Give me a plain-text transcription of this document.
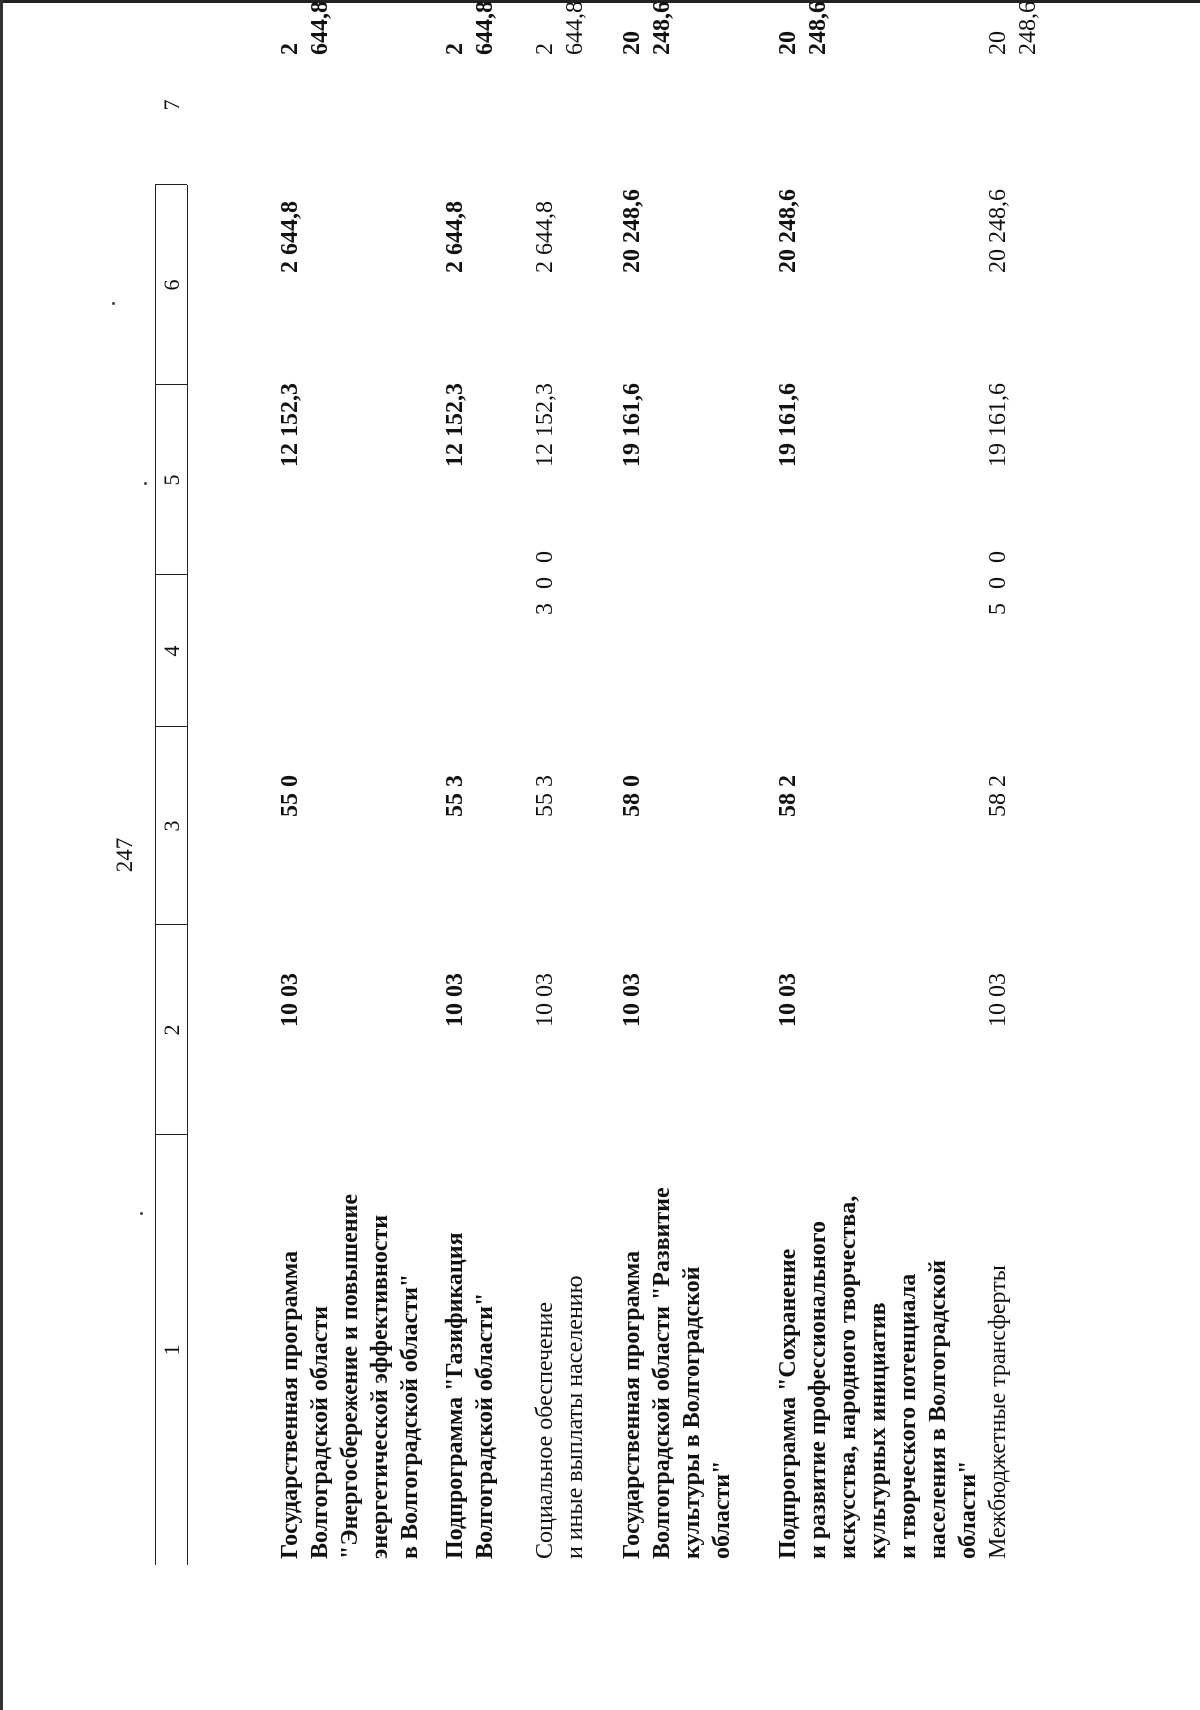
247
1
2
3
4
5
6
7
Государственная программа Волгоградской области "Энергосбережение и повышение энергетической эффективности в Волгоградской области"
10 03
55 0
12 152,3
2 644,8
2 644,8
Подпрограмма "Газификация Волгоградской области"
10 03
55 3
12 152,3
2 644,8
2 644,8
Социальное обеспечение и иные выплаты населению
10 03
55 3
3 0 0
12 152,3
2 644,8
2 644,8
Государственная программа Волгоградской области "Развитие культуры в Волгоградской области"
10 03
58 0
19 161,6
20 248,6
20 248,6
Подпрограмма "Сохранение и развитие профессионального искусства, народного творчества, культурных инициатив и творческого потенциала населения в Волгоградской области"
10 03
58 2
19 161,6
20 248,6
20 248,6
Межбюджетные трансферты
10 03
58 2
5 0 0
19 161,6
20 248,6
20 248,6
